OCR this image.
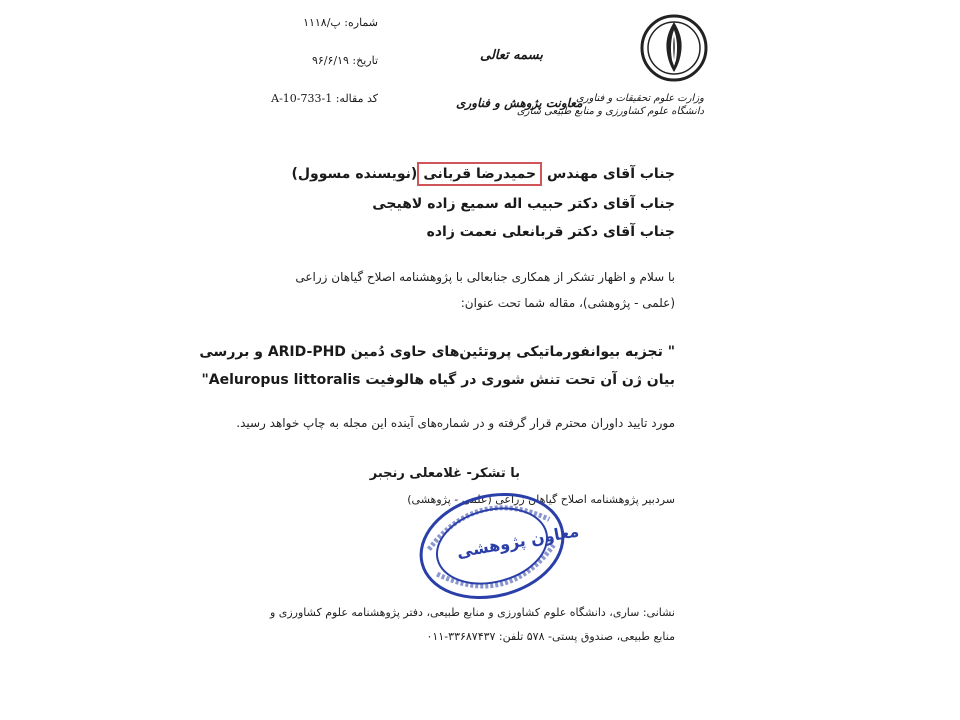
وزارت علوم تحقیقات و فناوری
دانشگاه علوم کشاورزی و منابع طبیعی ساری
بسمه تعالی
معاونت پژوهش و فناوری
شماره: پ/۱۱۱۸
تاریخ: ۹۶/۶/۱۹
کد مقاله: A-10-733-1
جناب آقای مهندس حمیدرضا قربانی(نویسنده مسوول)
جناب آقای دکتر حبیب اله سمیع زاده لاهیجی
جناب آقای دکتر قربانعلی نعمت زاده
با سلام و اظهار تشکر از همکاری جنابعالی با پژوهشنامه اصلاح گیاهان زراعی
(علمی - پژوهشی)، مقاله شما تحت عنوان:
" تجزیه بیوانفورماتیکی پروتئین‌های حاوی دُمین ARID-PHD و بررسی
بیان ژن آن تحت تنش شوری در گیاه هالوفیت Aeluropus littoralis"
مورد تایید داوران محترم قرار گرفته و در شماره‌های آینده این مجله به چاپ خواهد رسید.
با تشکر- غلامعلی رنجبر
سردبیر پژوهشنامه اصلاح گیاهان زراعی (علمی - پژوهشی)
معاون پژوهشی
نشانی: ساری، دانشگاه علوم کشاورزی و منابع طبیعی، دفتر پژوهشنامه علوم کشاورزی و
منابع طبیعی، صندوق پستی- ۵۷۸ تلفن: ۳۳۶۸۷۴۳۷-۰۱۱
